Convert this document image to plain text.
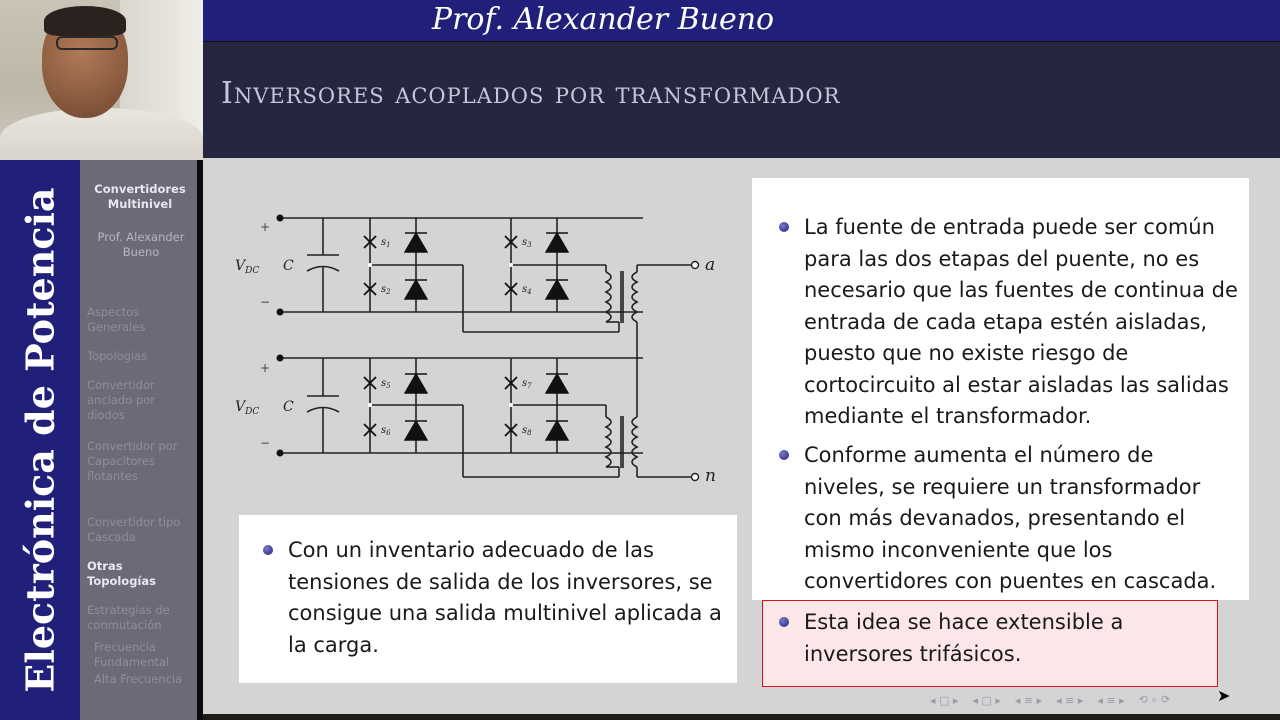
Prof. Alexander Bueno
Inversores acoplados por transformador
Electrónica de Potencia	Convertidores Multinivel
Prof. Alexander Bueno
Aspectos Generales
Topologías
Convertidor anclado por diodos
Convertidor por Capacitores flotantes
Convertidor tipo Cascada
Otras Topologías
Estrategias de conmutación
Frecuencia Fundamental
Alta Frecuencia
$V_{DC}$ C
$V_{DC}$ C
a
n
$s_1$
$s_2$
$s_3$
$s_4$
$s_5$
$s_6$
$s_7$
$s_8$
+
−
+
−

La fuente de entrada puede ser común para las dos etapas del puente, no es necesario que las fuentes de continua de entrada de cada etapa estén aisladas, puesto que no existe riesgo de cortocircuito al estar aisladas las salidas mediante el transformador.

Conforme aumenta el número de niveles, se requiere un transformador con más devanados, presentando el mismo inconveniente que los convertidores con puentes en cascada.

Con un inventario adecuado de las tensiones de salida de los inversores, se consigue una salida multinivel aplicada a la carga.

Esta idea se hace extensible a inversores trifásicos.

◂ □ ▸ ◂ ▢ ▸ ◂ ≡ ▸ ◂ ≡ ▸ ◂ ≡ ▸ ⟲ ⌕ ⟳	➤
